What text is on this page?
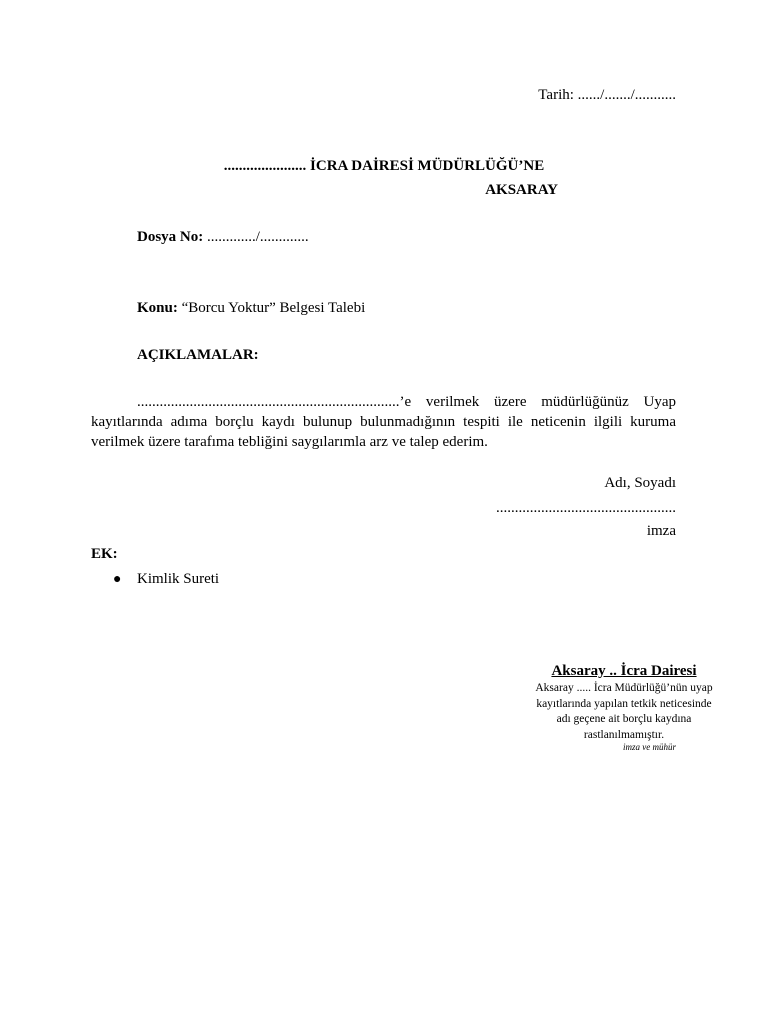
Tarih: ....../......./...........
...................... İCRA DAİRESİ MÜDÜRLÜĞÜ’NE
AKSARAY
Dosya No: ............./.............
Konu: “Borcu Yoktur” Belgesi Talebi
AÇIKLAMALAR:

......................................................................’e verilmek üzere müdürlüğünüz Uyap kayıtlarında adıma borçlu kaydı bulunup bulunmadığının tespiti ile neticenin ilgili kuruma verilmek üzere tarafıma tebliğini saygılarımla arz ve talep ederim.

Adı, Soyadı
................................................
imza
EK:
● Kimlik Sureti
Aksaray .. İcra Dairesi
Aksaray ..... İcra Müdürlüğü’nün uyap
kayıtlarında yapılan tetkik neticesinde
adı geçene ait borçlu kaydına
rastlanılmamıştır.
imza ve mühür
